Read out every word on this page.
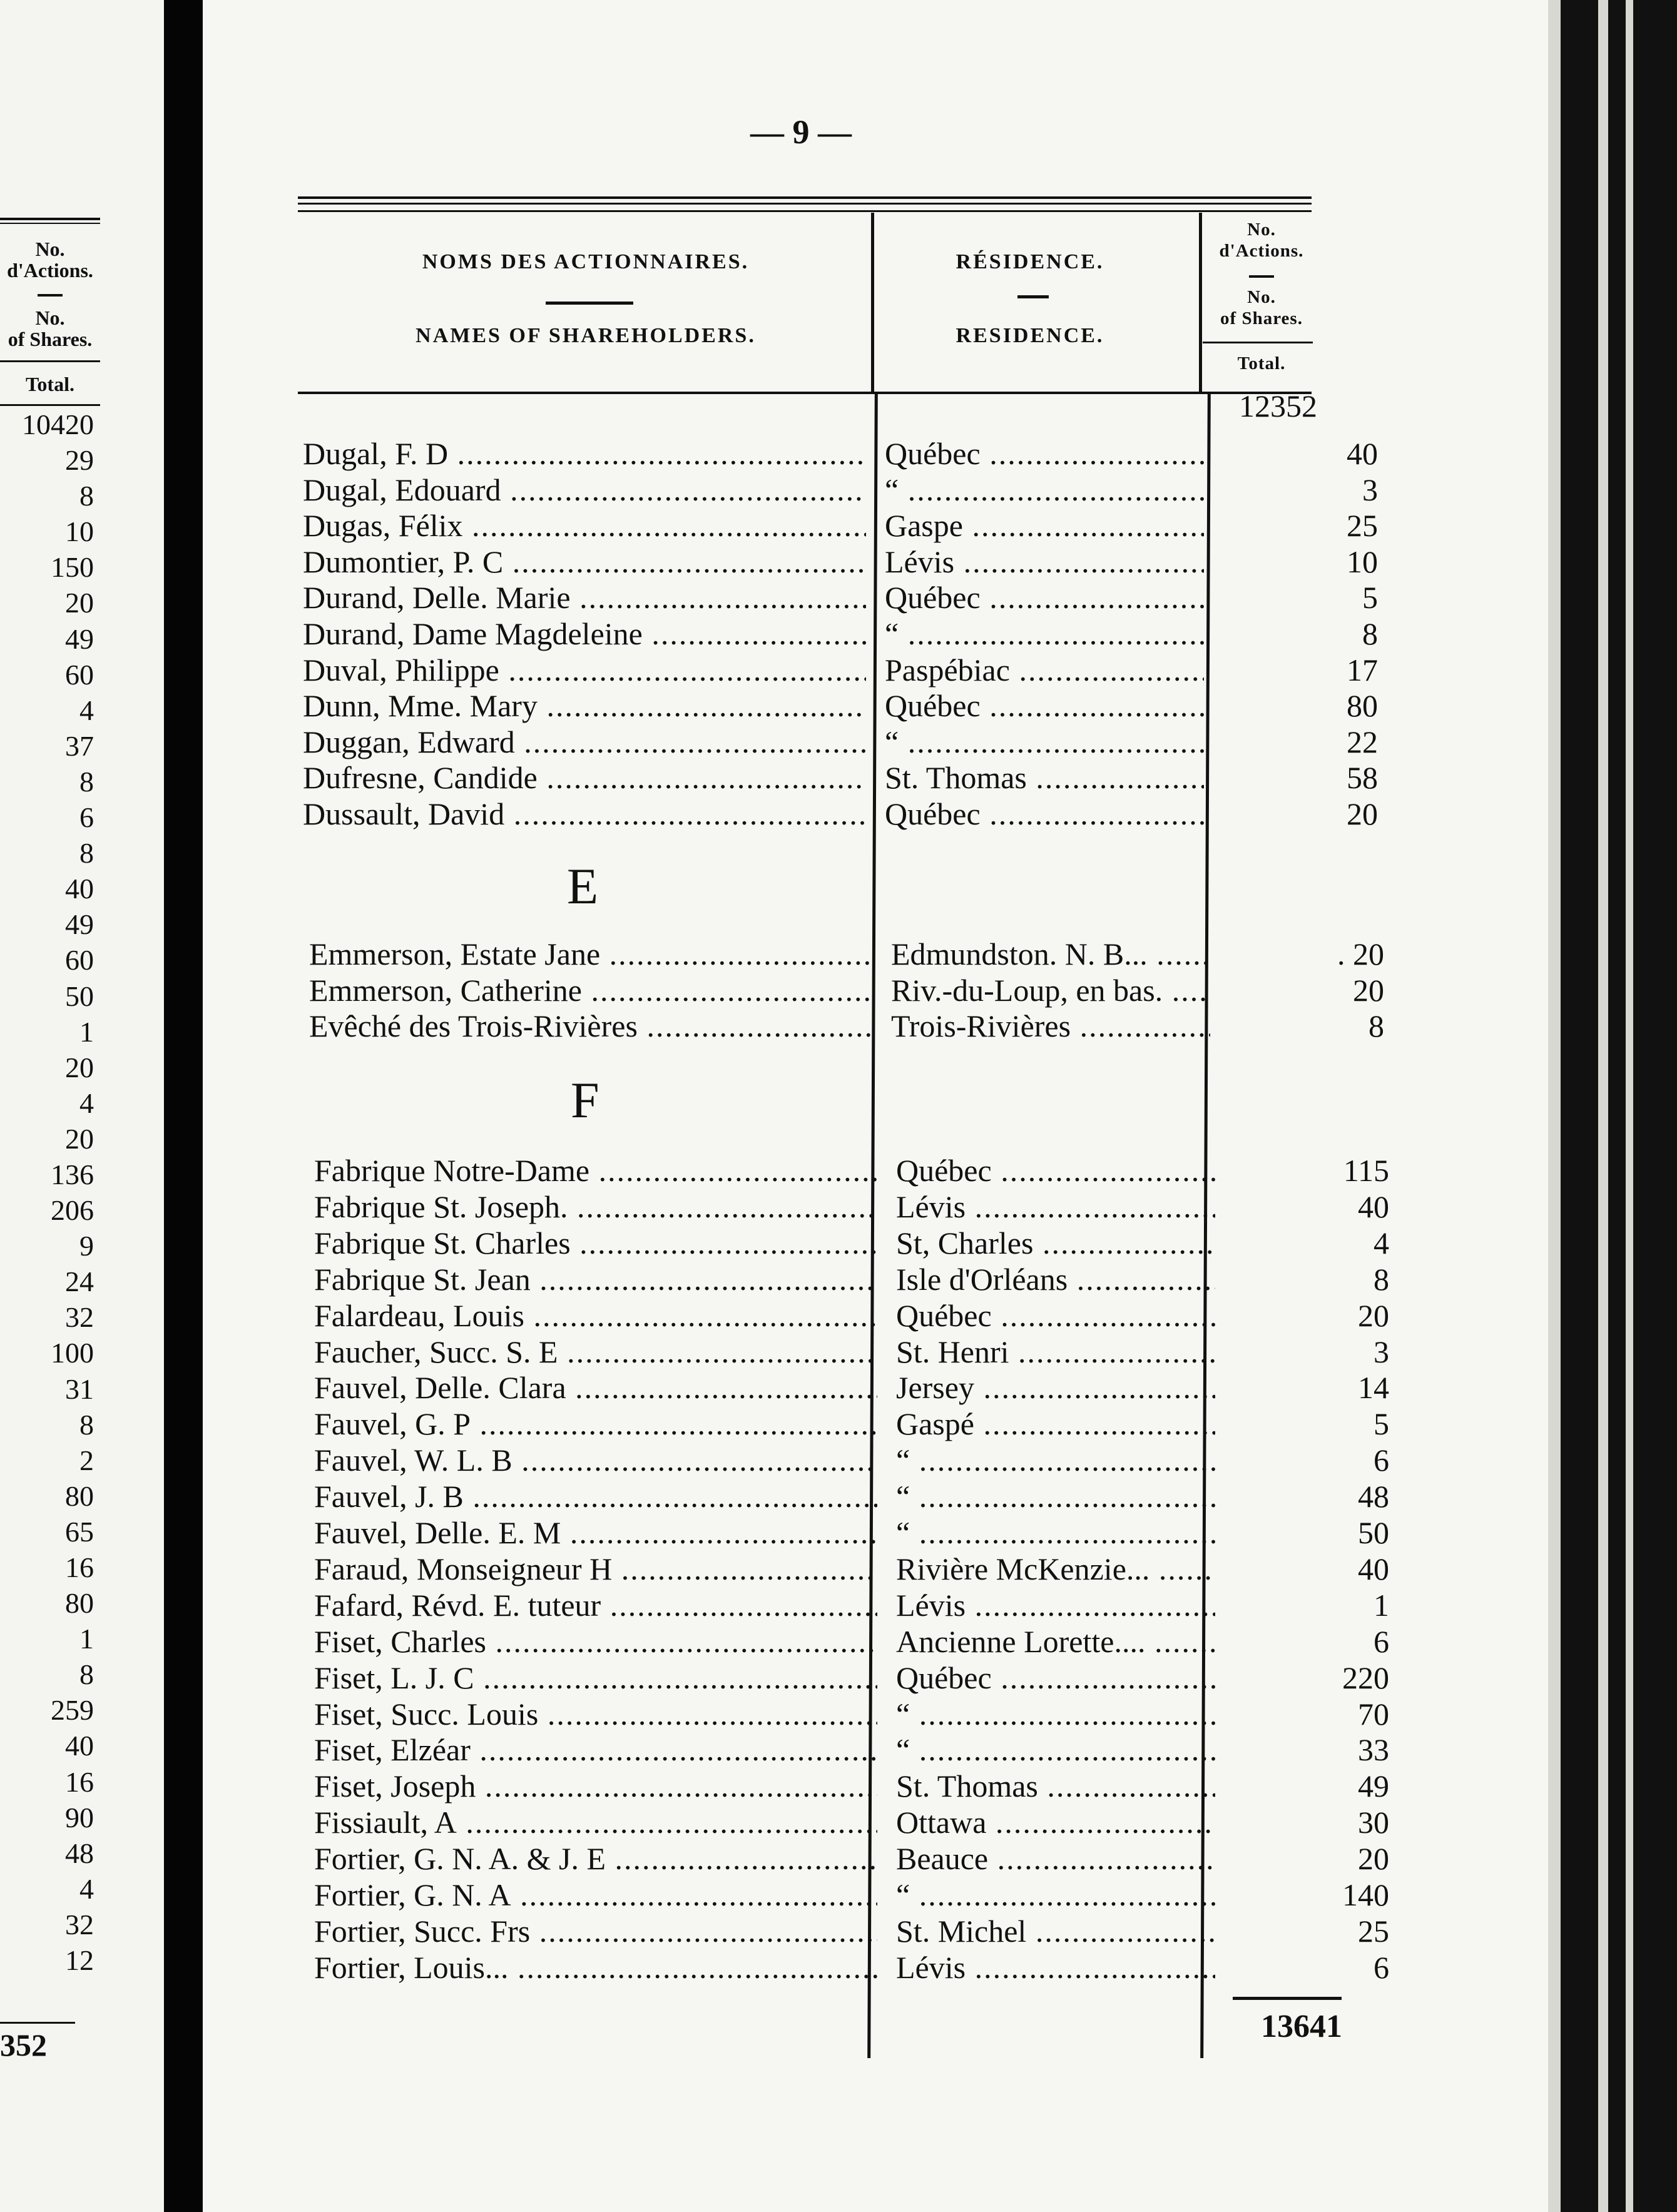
No.
d'Actions.
No.
of Shares.
Total.
10420
29
8
10
150
20
49
60
4
37
8
6
8
40
49
60
50
1
20
4
20
136
206
9
24
32
100
31
8
2
80
65
16
80
1
8
259
40
16
90
48
4
32
12
352
— 9 —
NOMS DES ACTIONNAIRES.
NAMES OF SHAREHOLDERS.
RÉSIDENCE.
RESIDENCE.
No.
d'Actions.
No.
of Shares.
Total.
12352
Dugal, F. D .....	Québec .....	40
Dugal, Edouard .....	“ .....	3
Dugas, Félix .....	Gaspe .....	25
Dumontier, P. C .....	Lévis .....	10
Durand, Delle. Marie .....	Québec .....	5
Durand, Dame Magdeleine .....	“ .....	8
Duval, Philippe .....	Paspébiac .....	17
Dunn, Mme. Mary .....	Québec .....	80
Duggan, Edward .....	“ .....	22
Dufresne, Candide .....	St. Thomas .....	58
Dussault, David .....	Québec .....	20
E
Emmerson, Estate Jane .....	Edmundston. N. B... .....	. 20
Emmerson, Catherine .....	Riv.-du-Loup, en bas. .....	20
Evêché des Trois-Rivières .....	Trois-Rivières .....	8
F
Fabrique Notre-Dame .....	Québec .....	115
Fabrique St. Joseph. .....	Lévis .....	40
Fabrique St. Charles .....	St, Charles .....	4
Fabrique St. Jean .....	Isle d'Orléans .....	8
Falardeau, Louis .....	Québec .....	20
Faucher, Succ. S. E .....	St. Henri .....	3
Fauvel, Delle. Clara .....	Jersey .....	14
Fauvel, G. P .....	Gaspé .....	5
Fauvel, W. L. B .....	“ .....	6
Fauvel, J. B .....	“ .....	48
Fauvel, Delle. E. M .....	“ .....	50
Faraud, Monseigneur H .....	Rivière McKenzie... .....	40
Fafard, Révd. E. tuteur .....	Lévis .....	1
Fiset, Charles .....	Ancienne Lorette.... .....	6
Fiset, L. J. C .....	Québec .....	220
Fiset, Succ. Louis .....	“ .....	70
Fiset, Elzéar .....	“ .....	33
Fiset, Joseph .....	St. Thomas .....	49
Fissiault, A .....	Ottawa .....	30
Fortier, G. N. A. & J. E .....	Beauce .....	20
Fortier, G. N. A .....	“ .....	140
Fortier, Succ. Frs .....	St. Michel .....	25
Fortier, Louis... .....	Lévis .....	6
13641
